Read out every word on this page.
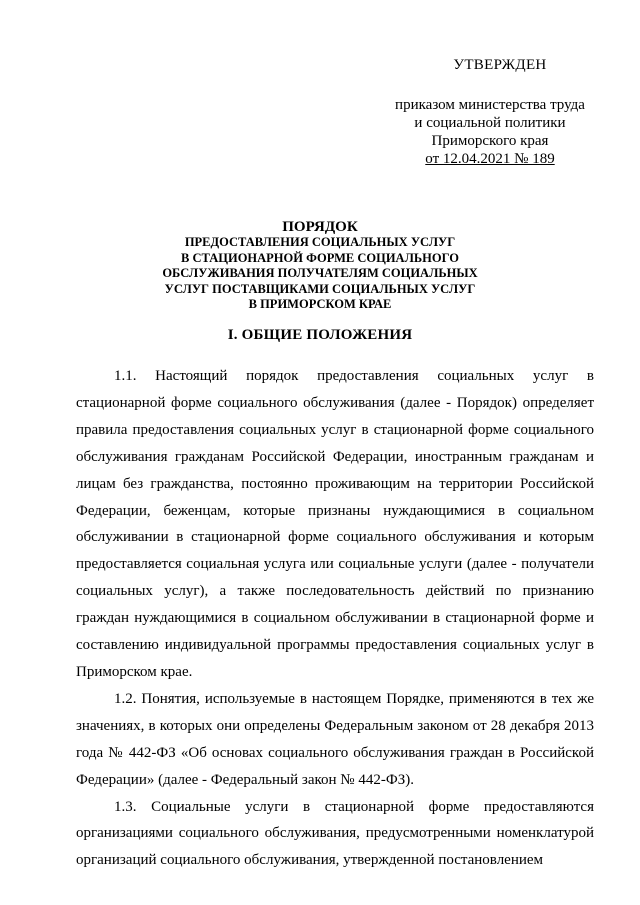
УТВЕРЖДЕН
приказом министерства труда
и социальной политики
Приморского края
от 12.04.2021 № 189
ПОРЯДОК
ПРЕДОСТАВЛЕНИЯ СОЦИАЛЬНЫХ УСЛУГ
В СТАЦИОНАРНОЙ ФОРМЕ СОЦИАЛЬНОГО
ОБСЛУЖИВАНИЯ ПОЛУЧАТЕЛЯМ СОЦИАЛЬНЫХ
УСЛУГ ПОСТАВЩИКАМИ СОЦИАЛЬНЫХ УСЛУГ
В ПРИМОРСКОМ КРАЕ
I. ОБЩИЕ ПОЛОЖЕНИЯ

1.1. Настоящий порядок предоставления социальных услуг в стационарной форме социального обслуживания (далее - Порядок) определяет правила предоставления социальных услуг в стационарной форме социального обслуживания гражданам Российской Федерации, иностранным гражданам и лицам без гражданства, постоянно проживающим на территории Российской Федерации, беженцам, которые признаны нуждающимися в социальном обслуживании в стационарной форме социального обслуживания и которым предоставляется социальная услуга или социальные услуги (далее - получатели социальных услуг), а также последовательность действий по признанию граждан нуждающимися в социальном обслуживании в стационарной форме и составлению индивидуальной программы предоставления социальных услуг в Приморском крае.

1.2. Понятия, используемые в настоящем Порядке, применяются в тех же значениях, в которых они определены Федеральным законом от 28 декабря 2013 года № 442-ФЗ «Об основах социального обслуживания граждан в Российской Федерации» (далее - Федеральный закон № 442-ФЗ).

1.3. Социальные услуги в стационарной форме предоставляются организациями социального обслуживания, предусмотренными номенклатурой организаций социального обслуживания, утвержденной постановлением
